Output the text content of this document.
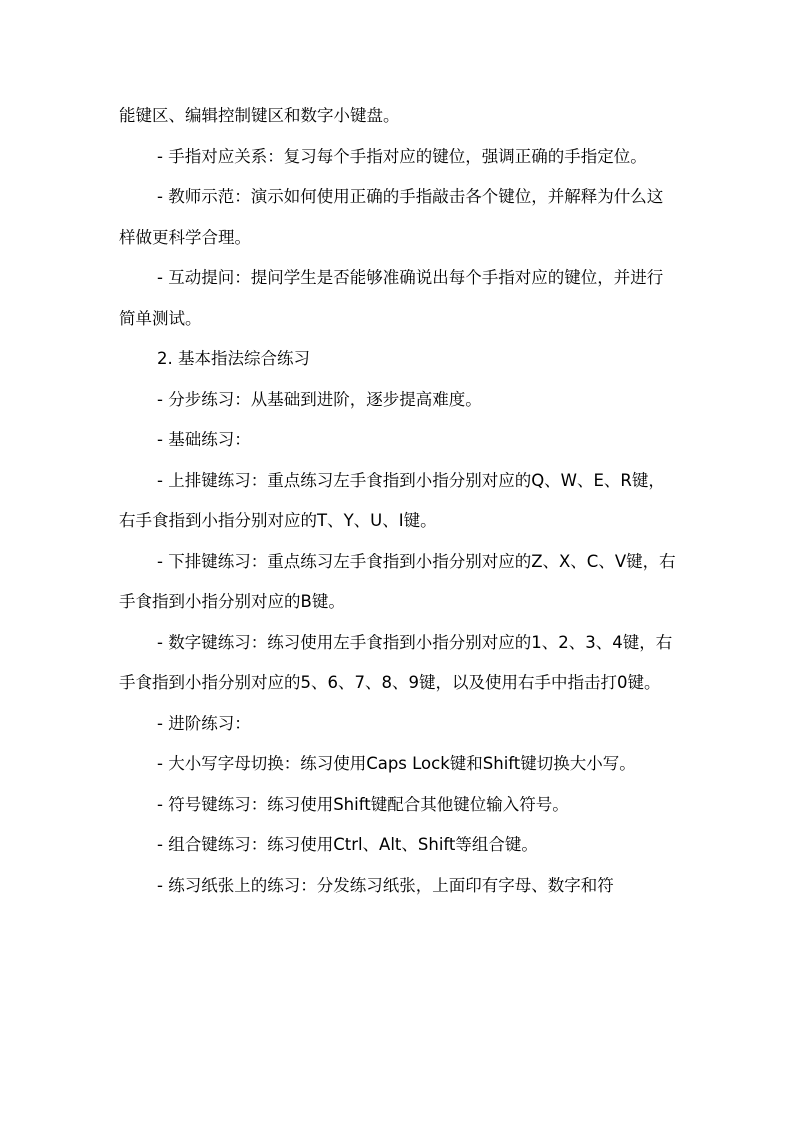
能键区、编辑控制键区和数字小键盘。

- 手指对应关系：复习每个手指对应的键位，强调正确的手指定位。

- 教师示范：演示如何使用正确的手指敲击各个键位，并解释为什么这样做更科学合理。

- 互动提问：提问学生是否能够准确说出每个手指对应的键位，并进行简单测试。

2. 基本指法综合练习

- 分步练习：从基础到进阶，逐步提高难度。

- 基础练习：

- 上排键练习：重点练习左手食指到小指分别对应的Q、W、E、R键，右手食指到小指分别对应的T、Y、U、I键。

- 下排键练习：重点练习左手食指到小指分别对应的Z、X、C、V键，右手食指到小指分别对应的B键。

- 数字键练习：练习使用左手食指到小指分别对应的1、2、3、4键，右手食指到小指分别对应的5、6、7、8、9键，以及使用右手中指击打0键。

- 进阶练习：

- 大小写字母切换：练习使用Caps Lock键和Shift键切换大小写。

- 符号键练习：练习使用Shift键配合其他键位输入符号。

- 组合键练习：练习使用Ctrl、Alt、Shift等组合键。

- 练习纸张上的练习：分发练习纸张，上面印有字母、数字和符
